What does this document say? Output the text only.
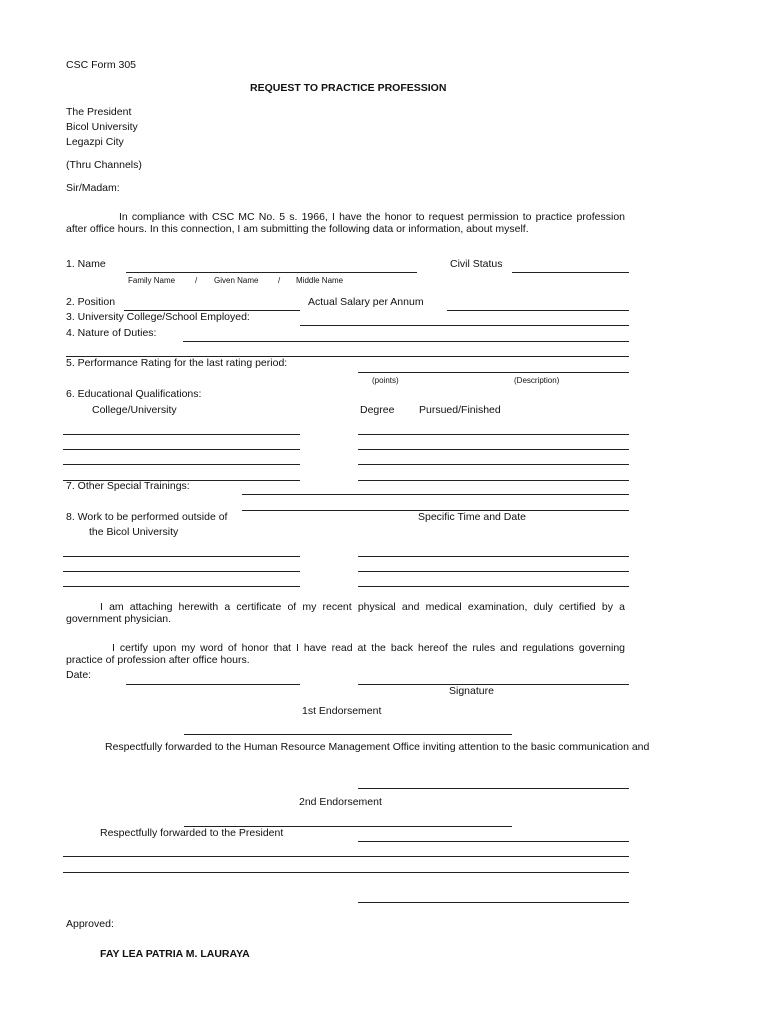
CSC Form 305
REQUEST TO PRACTICE PROFESSION
The President
Bicol University
Legazpi City
(Thru Channels)
Sir/Madam:
In compliance with CSC MC No. 5 s. 1966, I have the honor to request permission to practice profession after office hours. In this connection, I am submitting the following data or information, about myself.
1. Name	Civil Status
Family Name / Given Name / Middle Name
2. Position	Actual Salary per Annum
3. University College/School Employed:
4. Nature of Duties:
5. Performance Rating for the last rating period:
(points)	(Description)
6. Educational Qualifications:
College/University	Degree Pursued/Finished
7. Other Special Trainings:
8. Work to be performed outside of
the Bicol University
Specific Time and Date
I am attaching herewith a certificate of my recent physical and medical examination, duly certified by a government physician.
I certify upon my word of honor that I have read at the back hereof the rules and regulations governing practice of profession after office hours.
Date:
Signature
1st Endorsement
Respectfully forwarded to the Human Resource Management Office inviting attention to the basic communication and
2nd Endorsement
Respectfully forwarded to the President
Approved:
FAY LEA PATRIA M. LAURAYA
